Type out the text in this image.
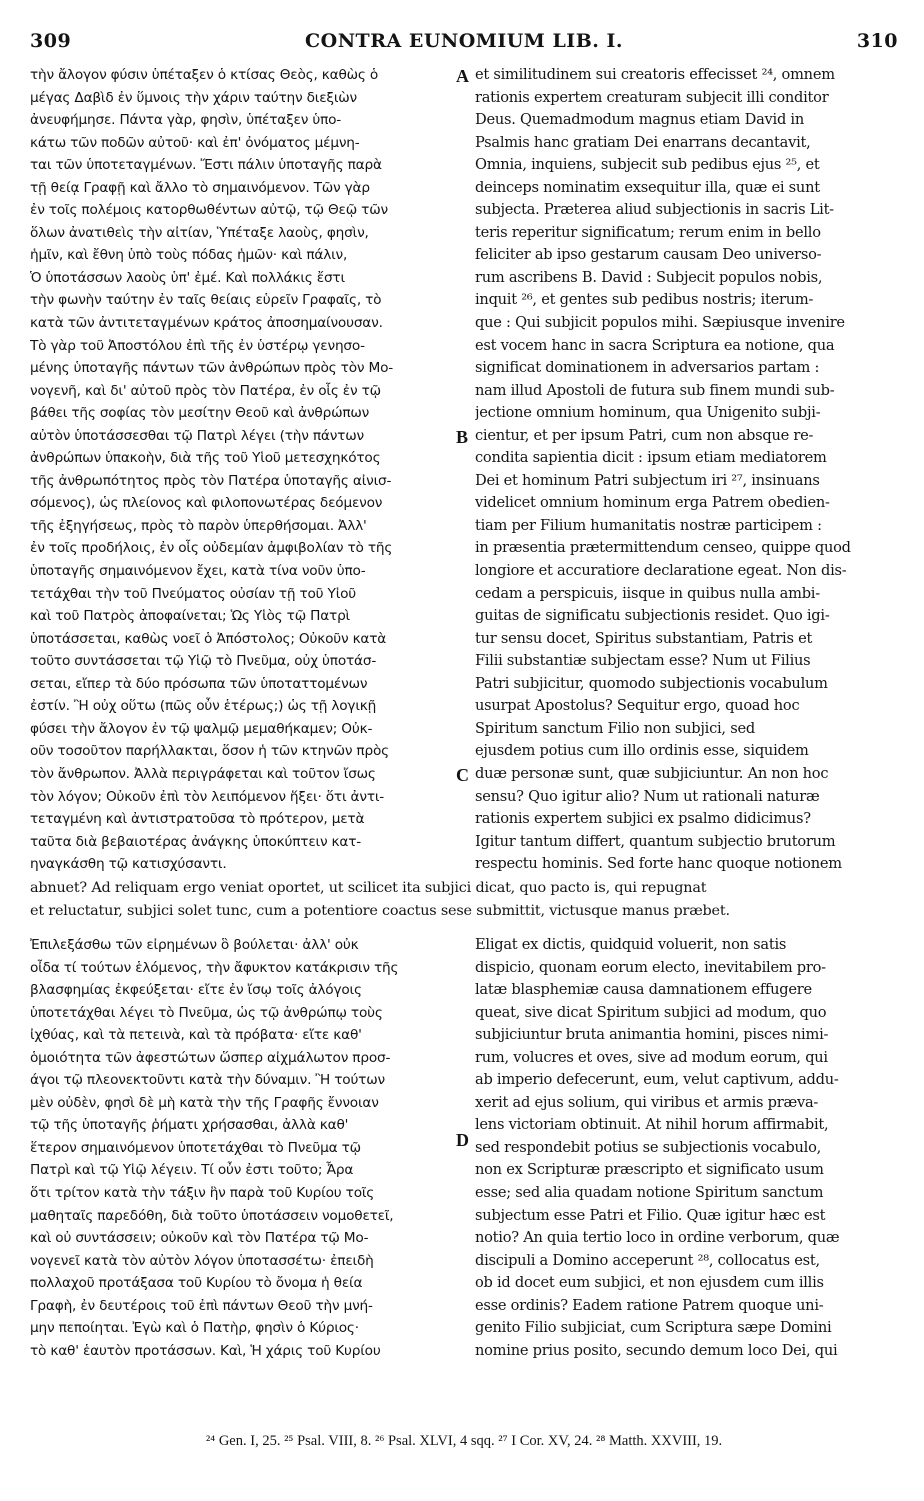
309	CONTRA EUNOMIUM LIB. I.	310
τὴν ἄλογον φύσιν ὑπέταξεν ὁ κτίσας Θεὸς, καθὼς ὁ
μέγας Δαβὶδ ἐν ὕμνοις τὴν χάριν ταύτην διεξιὼν
ἀνευφήμησε. Πάντα γὰρ, φησὶν, ὑπέταξεν ὑπο-
κάτω τῶν ποδῶν αὐτοῦ· καὶ ἐπ' ὀνόματος μέμνη-
ται τῶν ὑποτεταγμένων. Ἔστι πάλιν ὑποταγῆς παρὰ
τῇ θείᾳ Γραφῇ καὶ ἄλλο τὸ σημαινόμενον. Τῶν γὰρ
ἐν τοῖς πολέμοις κατορθωθέντων αὐτῷ, τῷ Θεῷ τῶν
ὅλων ἀνατιθεὶς τὴν αἰτίαν, Ὑπέταξε λαοὺς, φησὶν,
ἡμῖν, καὶ ἔθνη ὑπὸ τοὺς πόδας ἡμῶν· καὶ πάλιν,
Ὁ ὑποτάσσων λαοὺς ὑπ' ἐμέ. Καὶ πολλάκις ἔστι
τὴν φωνὴν ταύτην ἐν ταῖς θείαις εὑρεῖν Γραφαῖς, τὸ
κατὰ τῶν ἀντιτεταγμένων κράτος ἀποσημαίνουσαν.
Τὸ γὰρ τοῦ Ἀποστόλου ἐπὶ τῆς ἐν ὑστέρῳ γενησο-
μένης ὑποταγῆς πάντων τῶν ἀνθρώπων πρὸς τὸν Μο-
νογενῆ, καὶ δι' αὐτοῦ πρὸς τὸν Πατέρα, ἐν οἷς ἐν τῷ
βάθει τῆς σοφίας τὸν μεσίτην Θεοῦ καὶ ἀνθρώπων
αὐτὸν ὑποτάσσεσθαι τῷ Πατρὶ λέγει (τὴν πάντων
ἀνθρώπων ὑπακοὴν, διὰ τῆς τοῦ Υἱοῦ μετεσχηκότος
τῆς ἀνθρωπότητος πρὸς τὸν Πατέρα ὑποταγῆς αἰνισ-
σόμενος), ὡς πλείονος καὶ φιλοπονωτέρας δεόμενον
τῆς ἐξηγήσεως, πρὸς τὸ παρὸν ὑπερθήσομαι. Ἀλλ'
ἐν τοῖς προδήλοις, ἐν οἷς οὐδεμίαν ἀμφιβολίαν τὸ τῆς
ὑποταγῆς σημαινόμενον ἔχει, κατὰ τίνα νοῦν ὑπο-
τετάχθαι τὴν τοῦ Πνεύματος οὐσίαν τῇ τοῦ Υἱοῦ
καὶ τοῦ Πατρὸς ἀποφαίνεται; Ὡς Υἱὸς τῷ Πατρὶ
ὑποτάσσεται, καθὼς νοεῖ ὁ Ἀπόστολος; Οὐκοῦν κατὰ
τοῦτο συντάσσεται τῷ Υἱῷ τὸ Πνεῦμα, οὐχ ὑποτάσ-
σεται, εἴπερ τὰ δύο πρόσωπα τῶν ὑποταττομένων
ἐστίν. Ἢ οὐχ οὕτω (πῶς οὖν ἑτέρως;) ὡς τῇ λογικῇ
φύσει τὴν ἄλογον ἐν τῷ ψαλμῷ μεμαθήκαμεν; Οὐκ-
οῦν τοσοῦτον παρήλλακται, ὅσον ἡ τῶν κτηνῶν πρὸς
τὸν ἄνθρωπον. Ἀλλὰ περιγράφεται καὶ τοῦτον ἴσως
τὸν λόγον; Οὐκοῦν ἐπὶ τὸν λειπόμενον ἥξει· ὅτι ἀντι-
τεταγμένη καὶ ἀντιστρατοῦσα τὸ πρότερον, μετὰ
ταῦτα διὰ βεβαιοτέρας ἀνάγκης ὑποκύπτειν κατ-
ηναγκάσθη τῷ κατισχύσαντι.
et similitudinem sui creatoris effecisset ²⁴, omnem
rationis expertem creaturam subjecit illi conditor
Deus. Quemadmodum magnus etiam David in
Psalmis hanc gratiam Dei enarrans decantavit,
Omnia, inquiens, subjecit sub pedibus ejus ²⁵, et
deinceps nominatim exsequitur illa, quæ ei sunt
subjecta. Præterea aliud subjectionis in sacris Lit-
teris reperitur significatum; rerum enim in bello
feliciter ab ipso gestarum causam Deo universo-
rum ascribens B. David : Subjecit populos nobis,
inquit ²⁶, et gentes sub pedibus nostris; iterum-
que : Qui subjicit populos mihi. Sæpiusque invenire
est vocem hanc in sacra Scriptura ea notione, qua
significat dominationem in adversarios partam :
nam illud Apostoli de futura sub finem mundi sub-
jectione omnium hominum, qua Unigenito subji-
cientur, et per ipsum Patri, cum non absque re-
condita sapientia dicit : ipsum etiam mediatorem
Dei et hominum Patri subjectum iri ²⁷, insinuans
videlicet omnium hominum erga Patrem obedien-
tiam per Filium humanitatis nostræ participem :
in præsentia prætermittendum censeo, quippe quod
longiore et accuratiore declaratione egeat. Non dis-
cedam a perspicuis, iisque in quibus nulla ambi-
guitas de significatu subjectionis residet. Quo igi-
tur sensu docet, Spiritus substantiam, Patris et
Filii substantiæ subjectam esse? Num ut Filius
Patri subjicitur, quomodo subjectionis vocabulum
usurpat Apostolus? Sequitur ergo, quoad hoc
Spiritum sanctum Filio non subjici, sed
ejusdem potius cum illo ordinis esse, siquidem
duæ personæ sunt, quæ subjiciuntur. An non hoc
sensu? Quo igitur alio? Num ut rationali naturæ
rationis expertem subjici ex psalmo didicimus?
Igitur tantum differt, quantum subjectio brutorum
respectu hominis. Sed forte hanc quoque notionem
A
B
C
D
abnuet? Ad reliquam ergo veniat oportet, ut scilicet ita subjici dicat, quo pacto is, qui repugnat
et reluctatur, subjici solet tunc, cum a potentiore coactus sese submittit, victusque manus præbet.
Ἐπιλεξάσθω τῶν εἰρημένων ὃ βούλεται· ἀλλ' οὐκ
οἶδα τί τούτων ἑλόμενος, τὴν ἄφυκτον κατάκρισιν τῆς
βλασφημίας ἐκφεύξεται· εἴτε ἐν ἴσῳ τοῖς ἀλόγοις
ὑποτετάχθαι λέγει τὸ Πνεῦμα, ὡς τῷ ἀνθρώπῳ τοὺς
ἰχθύας, καὶ τὰ πετεινὰ, καὶ τὰ πρόβατα· εἴτε καθ'
ὁμοιότητα τῶν ἀφεστώτων ὥσπερ αἰχμάλωτον προσ-
άγοι τῷ πλεονεκτοῦντι κατὰ τὴν δύναμιν. Ἢ τούτων
μὲν οὐδὲν, φησὶ δὲ μὴ κατὰ τὴν τῆς Γραφῆς ἔννοιαν
τῷ τῆς ὑποταγῆς ῥήματι χρήσασθαι, ἀλλὰ καθ'
ἕτερον σημαινόμενον ὑποτετάχθαι τὸ Πνεῦμα τῷ
Πατρὶ καὶ τῷ Υἱῷ λέγειν. Τί οὖν ἐστι τοῦτο; Ἆρα
ὅτι τρίτον κατὰ τὴν τάξιν ἣν παρὰ τοῦ Κυρίου τοῖς
μαθηταῖς παρεδόθη, διὰ τοῦτο ὑποτάσσειν νομοθετεῖ,
καὶ οὐ συντάσσειν; οὐκοῦν καὶ τὸν Πατέρα τῷ Μο-
νογενεῖ κατὰ τὸν αὐτὸν λόγον ὑποτασσέτω· ἐπειδὴ
πολλαχοῦ προτάξασα τοῦ Κυρίου τὸ ὄνομα ἡ θεία
Γραφὴ, ἐν δευτέροις τοῦ ἐπὶ πάντων Θεοῦ τὴν μνή-
μην πεποίηται. Ἐγὼ καὶ ὁ Πατὴρ, φησὶν ὁ Κύριος·
τὸ καθ' ἑαυτὸν προτάσσων. Καὶ, Ἡ χάρις τοῦ Κυρίου
Eligat ex dictis, quidquid voluerit, non satis
dispicio, quonam eorum electo, inevitabilem pro-
latæ blasphemiæ causa damnationem effugere
queat, sive dicat Spiritum subjici ad modum, quo
subjiciuntur bruta animantia homini, pisces nimi-
rum, volucres et oves, sive ad modum eorum, qui
ab imperio defecerunt, eum, velut captivum, addu-
xerit ad ejus solium, qui viribus et armis præva-
lens victoriam obtinuit. At nihil horum affirmabit,
sed respondebit potius se subjectionis vocabulo,
non ex Scripturæ præscripto et significato usum
esse; sed alia quadam notione Spiritum sanctum
subjectum esse Patri et Filio. Quæ igitur hæc est
notio? An quia tertio loco in ordine verborum, quæ
discipuli a Domino acceperunt ²⁸, collocatus est,
ob id docet eum subjici, et non ejusdem cum illis
esse ordinis? Eadem ratione Patrem quoque uni-
genito Filio subjiciat, cum Scriptura sæpe Domini
nomine prius posito, secundo demum loco Dei, qui
²⁴ Gen. I, 25. ²⁵ Psal. VIII, 8. ²⁶ Psal. XLVI, 4 sqq. ²⁷ I Cor. XV, 24. ²⁸ Matth. XXVIII, 19.
